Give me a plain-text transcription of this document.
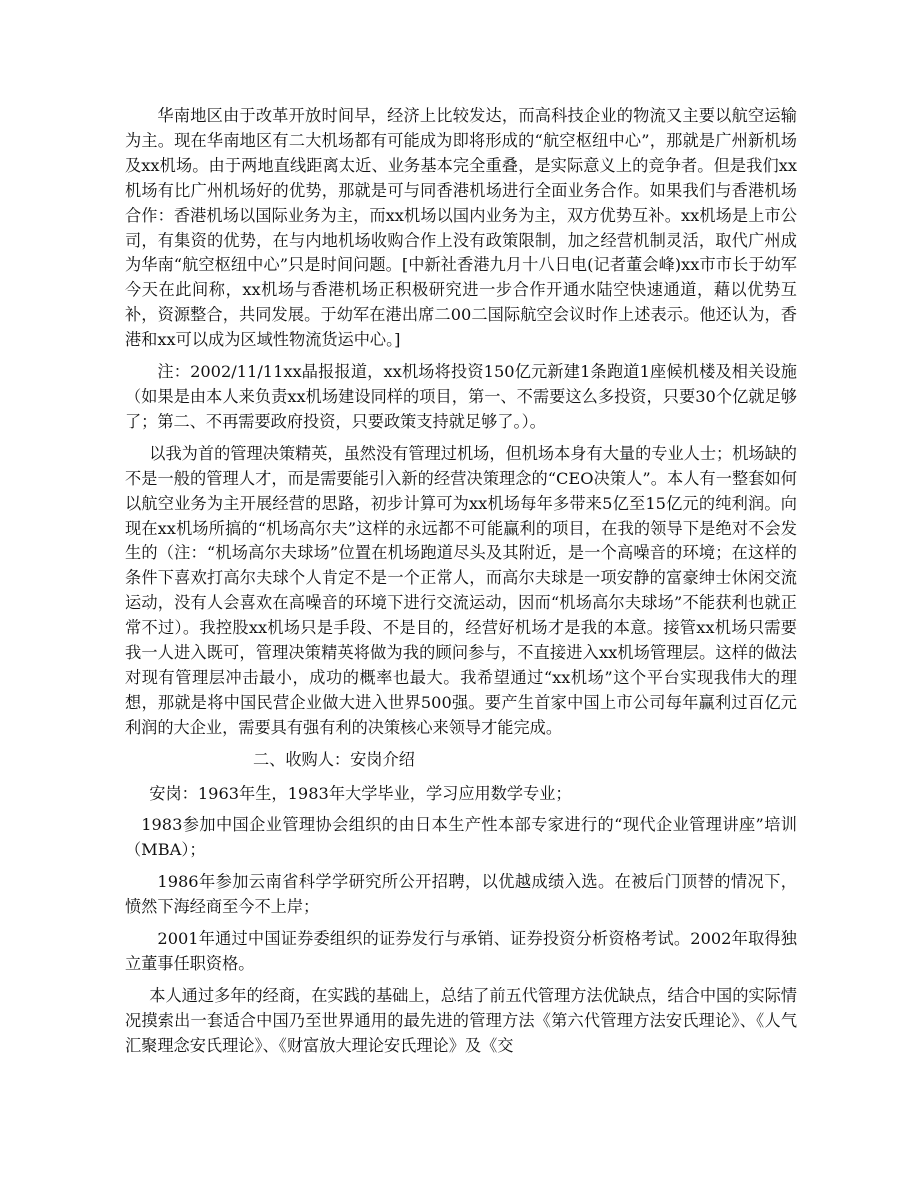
华南地区由于改革开放时间早，经济上比较发达，而高科技企业的物流又主要以航空运输为主。现在华南地区有二大机场都有可能成为即将形成的“航空枢纽中心”，那就是广州新机场及xx机场。由于两地直线距离太近、业务基本完全重叠，是实际意义上的竞争者。但是我们xx机场有比广州机场好的优势，那就是可与同香港机场进行全面业务合作。如果我们与香港机场合作：香港机场以国际业务为主，而xx机场以国内业务为主，双方优势互补。xx机场是上市公司，有集资的优势，在与内地机场收购合作上没有政策限制，加之经营机制灵活，取代广州成为华南“航空枢纽中心”只是时间问题。[中新社香港九月十八日电(记者董会峰)xx市市长于幼军今天在此间称，xx机场与香港机场正积极研究进一步合作开通水陆空快速通道，藉以优势互补，资源整合，共同发展。于幼军在港出席二00二国际航空会议时作上述表示。他还认为，香港和xx可以成为区域性物流货运中心。]

注：2002/11/11xx晶报报道，xx机场将投资150亿元新建1条跑道1座候机楼及相关设施（如果是由本人来负责xx机场建设同样的项目，第一、不需要这么多投资，只要30个亿就足够了；第二、不再需要政府投资，只要政策支持就足够了。）。

以我为首的管理决策精英，虽然没有管理过机场，但机场本身有大量的专业人士；机场缺的不是一般的管理人才，而是需要能引入新的经营决策理念的“CEO决策人”。本人有一整套如何以航空业务为主开展经营的思路，初步计算可为xx机场每年多带来5亿至15亿元的纯利润。向现在xx机场所搞的“机场高尔夫”这样的永远都不可能赢利的项目，在我的领导下是绝对不会发生的（注：“机场高尔夫球场”位置在机场跑道尽头及其附近，是一个高噪音的环境；在这样的条件下喜欢打高尔夫球个人肯定不是一个正常人，而高尔夫球是一项安静的富豪绅士休闲交流运动，没有人会喜欢在高噪音的环境下进行交流运动，因而“机场高尔夫球场”不能获利也就正常不过）。我控股xx机场只是手段、不是目的，经营好机场才是我的本意。接管xx机场只需要我一人进入既可，管理决策精英将做为我的顾问参与，不直接进入xx机场管理层。这样的做法对现有管理层冲击最小，成功的概率也最大。我希望通过“xx机场”这个平台实现我伟大的理想，那就是将中国民营企业做大进入世界500强。要产生首家中国上市公司每年赢利过百亿元利润的大企业，需要具有强有利的决策核心来领导才能完成。

二、收购人：安岗介绍

安岗：1963年生，1983年大学毕业，学习应用数学专业；

1983参加中国企业管理协会组织的由日本生产性本部专家进行的“现代企业管理讲座”培训（MBA）；

1986年参加云南省科学学研究所公开招聘，以优越成绩入选。在被后门顶替的情况下，愤然下海经商至今不上岸；

2001年通过中国证券委组织的证券发行与承销、证券投资分析资格考试。2002年取得独立董事任职资格。

本人通过多年的经商，在实践的基础上，总结了前五代管理方法优缺点，结合中国的实际情况摸索出一套适合中国乃至世界通用的最先进的管理方法《第六代管理方法安氏理论》、《人气汇聚理念安氏理论》、《财富放大理论安氏理论》及《交
